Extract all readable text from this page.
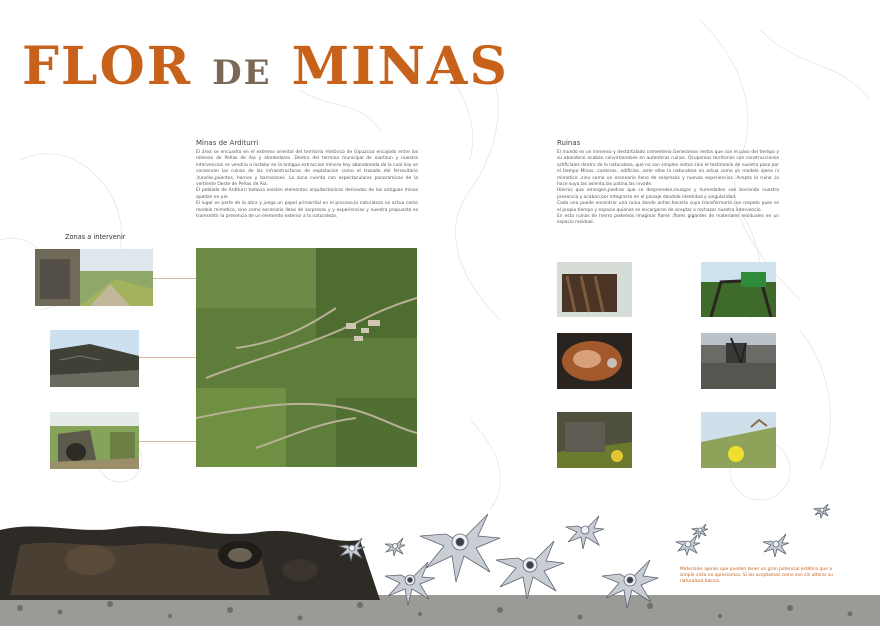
FLOR DE MINAS
Minas de Arditurri

El área se encuadra en el extremo oriental del territorio Histórico de Gipuzcoa encajado entre los relieves de Peñas de Aia y alrededores .Dentro del termino municipal de oiartzun y nuestra intervencion se vendria a instalar en la antigua extraccion minera hoy abandonada de la cual hoy se conservan las ruinas de las infraestructuras de explotacion como el trazado del ferrovitario ,tuneles,puentes, hornos y barracones. La zona cuenta con espectaculares panoramicas de la vertiente Oeste de Peñas de Aia.

El poblado de Arditurri todavia existen elementos arquitectonicos derivados de las antiguas minas quedan en pie.

El lugar es parte de la obra y juega un papel primordial en el proceso,la naturaleza no actua como modelo mimetico, sino como escenario lleno de sorpresas y y experiencias y nuestra propuesta es tramsmitir la presencia de un elemento exterior a la naturaleza.

Ruinas

El mundo es un inmenso y destartalado cementerio.Generamos restos que con el paso del tiempo y su abandono acaban convirtiendose en autenticas ruinas. Ocupamos territorios con construcciones artificiales dentro de la naturaleza, que no son simples restos sino el testimonio de nuestro paso por el tiempo Minas...canteras...edificios...ante ellas la naturaleza no actua como un modelo ajeno ni mimetico ,sino como un escenario lleno de sorpresas y nuevas experiencias. Acepta la ruina ,la hace suya,las asienta,las patina,las invade.

Hierros que emergen,piedras que se desprenden,musgos y humedades van borrando nuestra presencia y acaban por integrarse en el paisaje dandole identidad y singularidad.

Cada uno puede encontrar una ruina donde anhar,hacerla suya transformarla con respeto pues es el propio tiempo y espacio quienes se encargaran de aceptar o rechazar nuestra intervencio.

En esta ruinas de hierro podemos imaginar flores ,flores gigantes de materiales residuales en un espacio residual.

Zonas a intervenir
Materiales ajenos que pueden tener un gran potencial estético que a simple vista no apreciamos. Si los aceptamos como son sin alterar su naturaleza básica.
